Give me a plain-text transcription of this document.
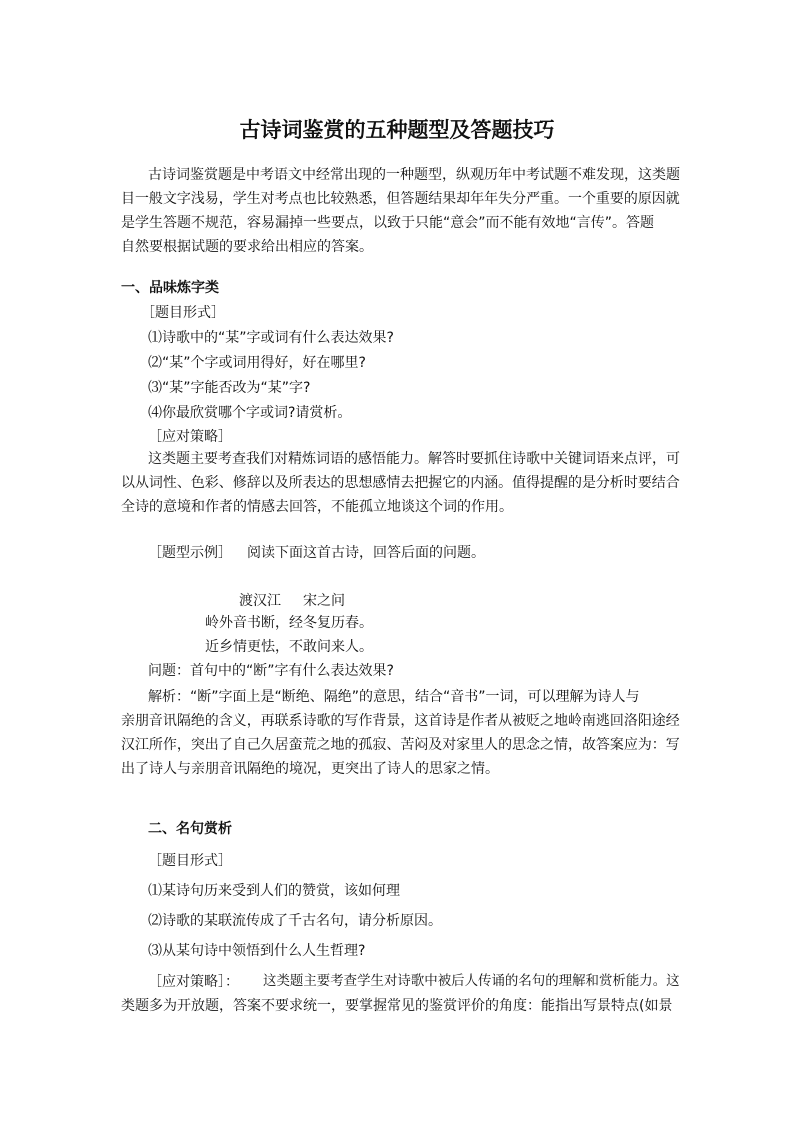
古诗词鉴赏的五种题型及答题技巧
古诗词鉴赏题是中考语文中经常出现的一种题型，纵观历年中考试题不难发现，这类题
目一般文字浅易，学生对考点也比较熟悉，但答题结果却年年失分严重。一个重要的原因就
是学生答题不规范，容易漏掉一些要点，以致于只能“意会”而不能有效地“言传”。答题
自然要根据试题的要求给出相应的答案。
一、品味炼字类
［题目形式］
⑴诗歌中的“某”字或词有什么表达效果?
⑵“某”个字或词用得好，好在哪里?
⑶“某”字能否改为“某”字?
⑷你最欣赏哪个字或词?请赏析。
［应对策略］
这类题主要考查我们对精炼词语的感悟能力。解答时要抓住诗歌中关键词语来点评，可
以从词性、色彩、修辞以及所表达的思想感情去把握它的内涵。值得提醒的是分析时要结合
全诗的意境和作者的情感去回答，不能孤立地谈这个词的作用。
［题型示例］ 阅读下面这首古诗，回答后面的问题。
渡汉江 宋之问
岭外音书断，经冬复历春。
近乡情更怯，不敢问来人。
问题：首句中的“断”字有什么表达效果?
解析：“断”字面上是“断绝、隔绝”的意思，结合“音书”一词，可以理解为诗人与
亲朋音讯隔绝的含义，再联系诗歌的写作背景，这首诗是作者从被贬之地岭南逃回洛阳途经
汉江所作，突出了自己久居蛮荒之地的孤寂、苦闷及对家里人的思念之情，故答案应为：写
出了诗人与亲朋音讯隔绝的境况，更突出了诗人的思家之情。
二、名句赏析
［题目形式］
⑴某诗句历来受到人们的赞赏，该如何理
⑵诗歌的某联流传成了千古名句，请分析原因。
⑶从某句诗中领悟到什么人生哲理?
［应对策略］： 这类题主要考查学生对诗歌中被后人传诵的名句的理解和赏析能力。这
类题多为开放题，答案不要求统一，要掌握常见的鉴赏评价的角度：能指出写景特点(如景
